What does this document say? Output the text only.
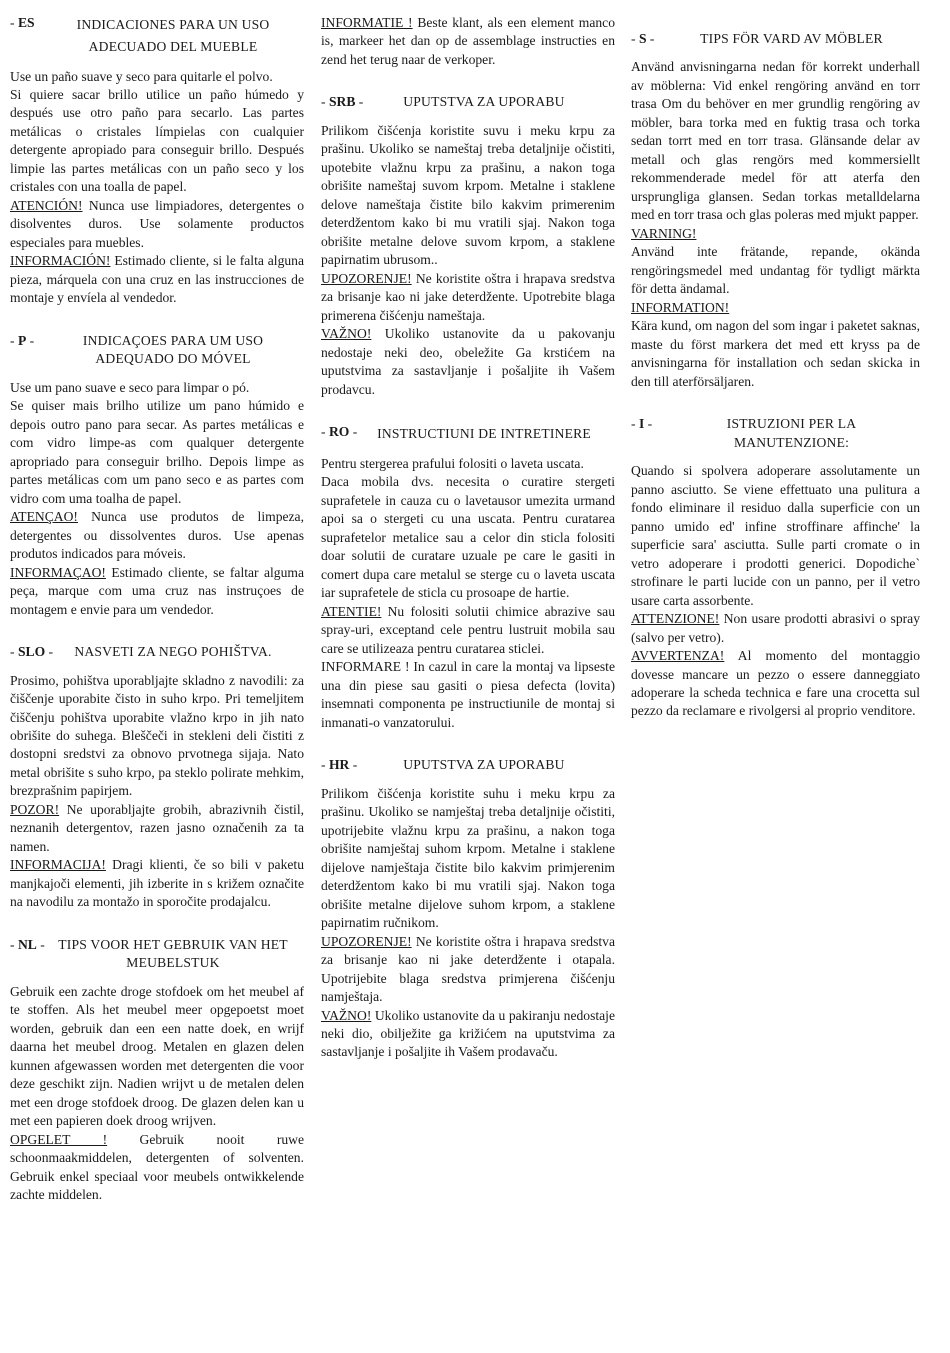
- ES	INDICACIONES PARA UN USO ADECUADO DEL MUEBLE

Use un paño suave y seco para quitarle el polvo.

Si quiere sacar brillo utilice un paño húmedo y después use otro paño para secarlo. Las partes metálicas o cristales límpielas con cualquier detergente apropiado para conseguir brillo. Después limpie las partes metálicas con un paño seco y los cristales con una toalla de papel.

ATENCIÓN! Nunca use limpiadores, detergentes o disolventes duros. Use solamente productos especiales para muebles.

INFORMACIÓN! Estimado cliente, si le falta alguna pieza, márquela con una cruz en las instrucciones de montaje y envíela al vendedor.

- P -	INDICAÇOES PARA UM USO ADEQUADO DO MÓVEL

Use um pano suave e seco para limpar o pó.

Se quiser mais brilho utilize um pano húmido e depois outro pano para secar. As partes metálicas e com vidro limpe-as com qualquer detergente apropriado para conseguir brilho. Depois limpe as partes metálicas com um pano seco e as partes com vidro com uma toalha de papel.

ATENÇAO! Nunca use produtos de limpeza, detergentes ou dissolventes duros. Use apenas produtos indicados para móveis.

INFORMAÇAO! Estimado cliente, se faltar alguma peça, marque com uma cruz nas instruçoes de montagem e envie para um vendedor.

- SLO -	NASVETI ZA NEGO POHIŠTVA.

Prosimo, pohištva uporabljajte skladno z navodili: za čiščenje uporabite čisto in suho krpo. Pri temeljitem čiščenju pohištva uporabite vlažno krpo in jih nato obrišite do suhega. Bleščeči in stekleni deli čistiti z dostopni sredstvi za obnovo prvotnega sijaja. Nato metal obrišite s suho krpo, pa steklo polirate mehkim, brezprašnim papirjem.

POZOR! Ne uporabljajte grobih, abrazivnih čistil, neznanih detergentov, razen jasno označenih za ta namen.

INFORMACIJA! Dragi klienti, če so bili v paketu manjkajoči elementi, jih izberite in s križem označite na navodilu za montažo in sporočite prodajalcu.

- NL - TIPS VOOR HET GEBRUIK VAN HET MEUBELSTUK

Gebruik een zachte droge stofdoek om het meubel af te stoffen. Als het meubel meer opgepoetst moet worden, gebruik dan een een natte doek, en wrijf daarna het meubel droog. Metalen en glazen delen kunnen afgewassen worden met detergenten die voor deze geschikt zijn. Nadien wrijvt u de metalen delen met een droge stofdoek droog. De glazen delen kan u met een papieren doek droog wrijven.

OPGELET ! Gebruik nooit ruwe schoonmaakmiddelen, detergenten of solventen. Gebruik enkel speciaal voor meubels ontwikkelende zachte middelen.

INFORMATIE ! Beste klant, als een element manco is, markeer het dan op de assemblage instructies en zend het terug naar de verkoper.

- SRB -	UPUTSTVA ZA UPORABU

Prilikom čišćenja koristite suvu i meku krpu za prašinu. Ukoliko se nameštaj treba detaljnije očistiti, upotebite vlažnu krpu za prašinu, a nakon toga obrišite nameštaj suvom krpom. Metalne i staklene delove nameštaja čistite bilo kakvim primerenim deterdžentom kako bi mu vratili sjaj. Nakon toga obrišite metalne delove suvom krpom, a staklene papirnatim ubrusom..

UPOZORENJE! Ne koristite oštra i hrapava sredstva za brisanje kao ni jake deterdžente. Upotrebite blaga primerena čišćenju nameštaja.

VAŽNO! Ukoliko ustanovite da u pakovanju nedostaje neki deo, obeležite Ga krstićem na uputstvima za sastavljanje i pošaljite ih Vašem prodavcu.

- RO -	INSTRUCTIUNI DE INTRETINERE

Pentru stergerea prafului folositi o laveta uscata.

Daca mobila dvs. necesita o curatire stergeti suprafetele in cauza cu o lavetausor umezita urmand apoi sa o stergeti cu una uscata. Pentru curatarea suprafetelor metalice sau a celor din sticla folositi doar solutii de curatare uzuale pe care le gasiti in comert dupa care metalul se sterge cu o laveta uscata iar suprafetele de sticla cu prosoape de hartie.

ATENTIE! Nu folositi solutii chimice abrazive sau spray-uri, exceptand cele pentru lustruit mobila sau care se utilizeaza pentru curatarea sticlei.

INFORMARE ! In cazul in care la montaj va lipseste una din piese sau gasiti o piesa defecta (lovita) insemnati componenta pe instructiunile de montaj si inmanati-o vanzatorului.

- HR -	UPUTSTVA ZA UPORABU

Prilikom čišćenja koristite suhu i meku krpu za prašinu. Ukoliko se namještaj treba detaljnije očistiti, upotrijebite vlažnu krpu za prašinu, a nakon toga obrišite namještaj suhom krpom. Metalne i staklene dijelove namještaja čistite bilo kakvim primjerenim deterdžentom kako bi mu vratili sjaj. Nakon toga obrišite metalne dijelove suhom krpom, a staklene papirnatim ručnikom.

UPOZORENJE! Ne koristite oštra i hrapava sredstva za brisanje kao ni jake deterdžente i otapala. Upotrijebite blaga sredstva primjerena čišćenju namještaja.

VAŽNO! Ukoliko ustanovite da u pakiranju nedostaje neki dio, obilježite ga križićem na uputstvima za sastavljanje i pošaljite ih Vašem prodavaču.

- S -	TIPS FÖR VARD AV MÖBLER

Använd anvisningarna nedan för korrekt underhall av möblerna: Vid enkel rengöring använd en torr trasa Om du behöver en mer grundlig rengöring av möbler, bara torka med en fuktig trasa och torka sedan torrt med en torr trasa. Glänsande delar av metall och glas rengörs med kommersiellt rekommenderade medel för att aterfa den ursprungliga glansen. Sedan torkas metalldelarna med en torr trasa och glas poleras med mjukt papper.

VARNING!

Använd inte frätande, repande, okända rengöringsmedel med undantag för tydligt märkta för detta ändamal.

INFORMATION!

Kära kund, om nagon del som ingar i paketet saknas, maste du först markera det med ett kryss pa de anvisningarna för installation och sedan skicka in den till aterförsäljaren.

- I -	ISTRUZIONI PER LA MANUTENZIONE:

Quando si spolvera adoperare assolutamente un panno asciutto. Se viene effettuato una pulitura a fondo eliminare il residuo dalla superficie con un panno umido ed' infine stroffinare affinche' la superficie sara' asciutta. Sulle parti cromate o in vetro adoperare i prodotti generici. Dopodiche` strofinare le parti lucide con un panno, per il vetro usare carta assorbente.

ATTENZIONE! Non usare prodotti abrasivi o spray (salvo per vetro).

AVVERTENZA! Al momento del montaggio dovesse mancare un pezzo o essere danneggiato adoperare la scheda technica e fare una crocetta sul pezzo da reclamare e rivolgersi al proprio venditore.
